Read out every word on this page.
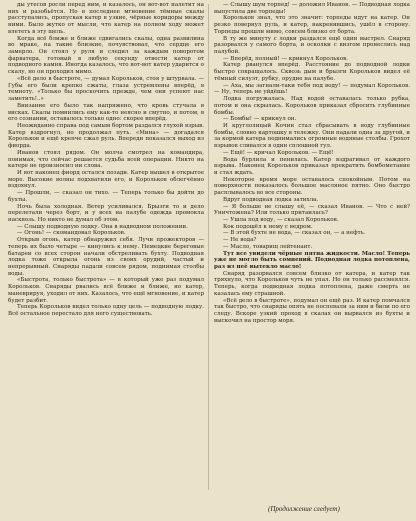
ды утесов росли перед ним, и казалось, он вот-вот налетит на них и разобьётся. Но в последнее мгновение тёмные скалы расступались, пропуская катер в узкие, чёрные коридоры между ними. Было жутко от мысли, что катер на полном ходу может влететь в эту щель.

Когда всё ближе и ближе сдвигались скалы, одна развилина во мраке, на такие близкие, почувствовал, что сердце его замерло. Он стоял у руля и следил за каждым поворотом фарватера, готовый в любую секунду отвести катер от подводного камня. Иногда казалось, что вот-вот катер ударится о скалу, но он проходил мимо.

«Всё дело в быстроте, — думал Корольков, стоя у штурвала. — Губы его были крепко сжаты, глаза устремлены вперёд, в темноту. «Только бы проскочить прежде, чем они успеют нас заметить!..»

Внизание его было так напряжено, что кровь стучала в висках. Скалы помнились ему как-то неясно и смутно, и потом, в его сознании, оставалось только одно: скорее вперёд.

Неожиданно справа под самым бортом раздался глухой взрыв. Катер вздрогнул, но продолжал путь. «Мина» — догадался Корольков и ещё крепче сжал руль. Впереди показался выход из фиорда.

Иванов стоял рядом. Он молча смотрел на командира, понимая, что сейчас решается судьба всей операции. Никто на катере не произносил ни слова.

И вот наконец фиорд остался позади. Катер вышел в открытое море. Высокие волны подхватили его, и Корольков облегчённо вздохнул.

— Прошли, — сказал он тихо. — Теперь только бы дойти до бухты.

Ночь была холодная. Ветер усиливался. Брызги то и дело перелетали через борт, и у всех на палубе одежда промокла насквозь. Но никто не думал об этом.

— Слышу подводную лодку. Она в надводном положении.

— Огонь! — скомандовал Корольков.

Открыв огонь, катер обнаружил себя. Лучи прожекторов — теперь их было четыре — кинулись к нему. Немецкие береговые батареи со всех сторон начали обстреливать бухту. Подводная лодка тоже открыла огонь из своих орудий, частый и непрерывный. Снаряды падали совсем рядом, поднимая столбы воды.

«Быстрота, только быстрота» — в который уже раз подумал Корольков. Снаряды рвались всё ближе и ближе, но катер, маневрируя, уходил от них. Казалось, что ещё мгновение, и катер будет разбит.

Теперь Корольков видел только одну цель — подводную лодку. Всё остальное перестало для него существовать.

— Слышу шум торпед! — доложил Иванов. — Подводная лодка выпустила две торпеды!

Корольков знал, что это значит: торпеды идут на катер. Он резко повернул руль, и катер, накренившись, ушёл в сторону. Торпеды прошли мимо, совсем близко от борта.

В ту же минуту с лодки раздался ещё один выстрел. Снаряд разорвался у самого борта, и осколки с визгом пронеслись над палубой.

— Вперёд, полный! — крикнул Корольков.

Катер рванулся вперёд. Расстояние до подводной лодки быстро сокращалось. Сквозь дым и брызги Корольков видел её тёмный силуэт, рубку, орудие на палубе.

— Аха, мы загнали-таки тебя под воду! — подумал Корольков. — Ну, теперь не уйдёшь!

Лодка погружалась. Над водой оставалась только рубка, потом и она скрылась. Корольков приказал сбросить глубинные бомбы.

— Бомбы! — крикнул он.

И круглолицый Кочин стал сбрасывать в воду глубинные бомбы, словно картошку в тележку. Они падали одна за другой, и за кормой катера поднимались огромные водяные столбы. Грохот взрывов сливался в один сплошной гул.

— Ещё! — кричал Корольков. — Ещё!

Вода бурлила и пенилась. Катер вздрагивал от каждого взрыва. Наконец Корольков приказал прекратить бомбометание и стал ждать.

Некоторое время море оставалось спокойным. Потом на поверхности показалось большое масляное пятно. Оно быстро расплывалось во все стороны.

Вдруг подводная лодка затихла.

— Я больше не слышу её, — сказал Иванов. — Что с ней? Уничтожена? Или только притаилась?

— Ушла под воду, — сказал Корольков.

Кок подошёл к нему с ведром.

— В этой бухте не вода, — сказал он, — а нефть.

— Не вода?

— Масло, товарищ лейтенант.

Тут все увидели чёрные пятна жидкости. Масло! Теперь уже не могло быть сомнений. Подводная лодка потоплена, раз из неё вытекло масло!

Снаряд разорвался совсем близко от катера, и катер так тряхнуло, что Корольков чуть не упал. Но он только рассмеялся. Теперь, когда подводная лодка потоплена, даже смерть не казалась ему страшной.

«Всё дело в быстроте», подумал он ещё раз. И катер помчался так быстро, что снаряды опять не поспевали за ним и били по его следу. Вскоре узкий проход в скалах он вырвался из бухты и выскочил на простор моря.

(Продолжение следует)
